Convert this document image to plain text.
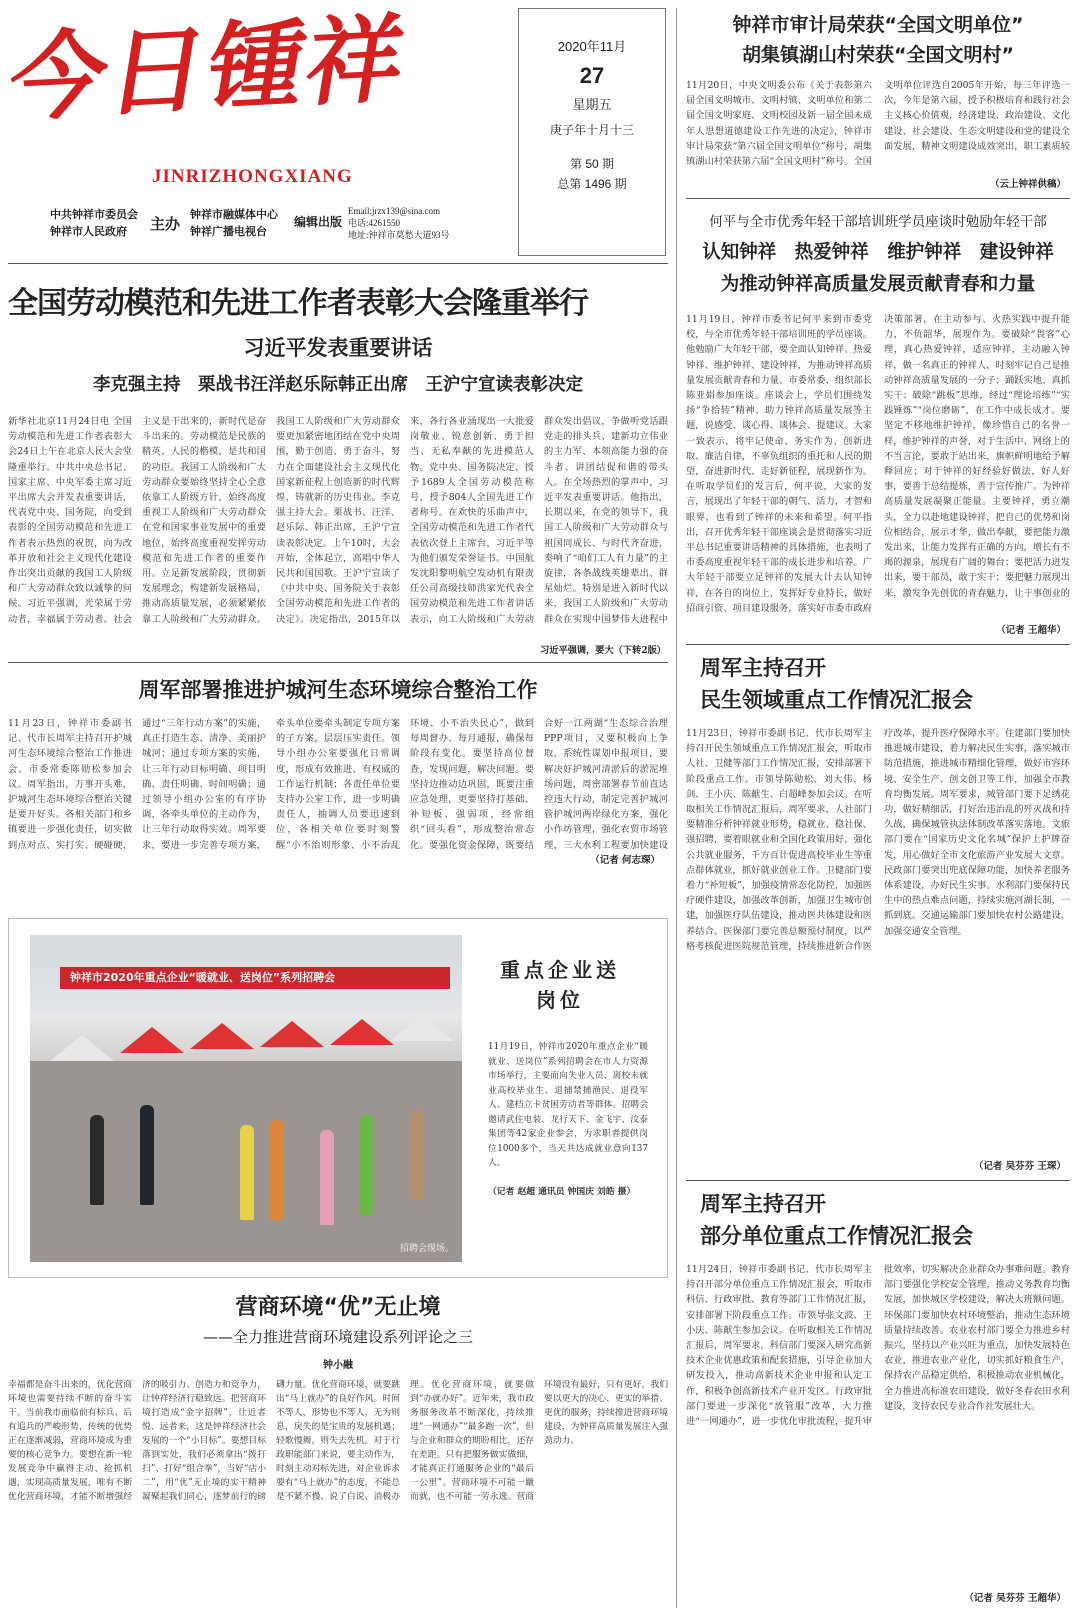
今日锺祥
JINRIZHONGXIANG
中共钟祥市委员会
钟祥市人民政府	主办
钟祥市融媒体中心
钟祥广播电视台
编辑出版
Email:jrzx139@sina.com
电话:4261550
地址:钟祥市莫愁大道93号
2020年11月
27
星期五
庚子年十月十三
第 50 期
总第 1496 期
全国劳动模范和先进工作者表彰大会隆重举行
习近平发表重要讲话
李克强主持　栗战书汪洋赵乐际韩正出席　王沪宁宣读表彰决定
新华社北京11月24日电 全国劳动模范和先进工作者表彰大会24日上午在北京人民大会堂隆重举行。中共中央总书记、国家主席、中央军委主席习近平出席大会并发表重要讲话，代表党中央、国务院，向受到表彰的全国劳动模范和先进工作者表示热烈的祝贺，向为改革开放和社会主义现代化建设作出突出贡献的我国工人阶级和广大劳动群众致以诚挚的问候。习近平强调，光荣属于劳动者，幸福属于劳动者。社会主义是干出来的，新时代是奋斗出来的。劳动模范是民族的精英、人民的楷模，是共和国的功臣。我国工人阶级和广大劳动群众要始终坚持全心全意依靠工人阶级方针，始终高度重视工人阶级和广大劳动群众在党和国家事业发展中的重要地位，始终高度重视发挥劳动模范和先进工作者的重要作用。立足新发展阶段，贯彻新发展理念，构建新发展格局，推动高质量发展，必须紧紧依靠工人阶级和广大劳动群众。我国工人阶级和广大劳动群众要更加紧密地团结在党中央周围，勤于创造、勇于奋斗，努力在全面建设社会主义现代化国家新征程上创造新的时代辉煌，铸就新的历史伟业。李克强主持大会。栗战书、汪洋、赵乐际、韩正出席，王沪宁宣读表彰决定。上午10时，大会开始，全体起立，高唱中华人民共和国国歌。王沪宁宣读了《中共中央、国务院关于表彰全国劳动模范和先进工作者的决定》。决定指出，2015年以来，各行各业涌现出一大批爱岗敬业、锐意创新、勇于担当、无私奉献的先进模范人物。党中央、国务院决定，授予1689人全国劳动模范称号，授予804人全国先进工作者称号。在欢快的乐曲声中，全国劳动模范和先进工作者代表依次登上主席台，习近平等为他们颁发荣誉证书。中国航发沈阳黎明航空发动机有限责任公司高级技师洪家光代表全国劳动模范和先进工作者讲话表示，向工人阶级和广大劳动群众发出倡议，争做听党话跟党走的排头兵、建新功立伟业的主力军、本领高能力强的奋斗者、讲团结促和谐的带头人。在全场热烈的掌声中，习近平发表重要讲话。他指出，长期以来，在党的领导下，我国工人阶级和广大劳动群众与祖国同成长、与时代齐奋进，奏响了“咱们工人有力量”的主旋律，各条战线英雄辈出、群星灿烂。特别是进入新时代以来，我国工人阶级和广大劳动群众在实现中国梦伟大进程中
习近平强调，要大（下转2版）
周军部署推进护城河生态环境综合整治工作
11月23日，钟祥市委副书记、代市长周军主持召开护城河生态环境综合整治工作推进会。市委常委陈勋松参加会议。周军指出，万事开头难，护城河生态环境综合整治关键是要开好头。各相关部门和乡镇要进一步强化责任，切实做到点对点、实打实、硬碰硬，通过“三年行动方案”的实施，真正打造生态、清净、美丽护城河；通过专项方案的实施，让三年行动目标明确、项目明确、责任明确、时间明确；通过领导小组办公室的有序协调，各牵头单位的主动作为，让三年行动取得实效。周军要求，要进一步完善专项方案，牵头单位要牵头制定专项方案的子方案，层层压实责任。领导小组办公室要强化日常调度，形成有效推进、有权威的工作运行机制；各责任单位要支持办公室工作，进一步明确责任人，抽调人员要迅速到位，各相关单位要时刻警醒“小不治则形象、小不治乱环境、小不治失民心”，做到每周督办、每月通报，确保每阶段有变化。要坚持高位督查，发现问题，解决问题。要坚持边推动边巩固，既要注重应急处理，更要坚持打基础、补短板、强弱项，经常组织“回头看”，形成整治常态化。要强化资金保障，既要结合好一江两湖“生态综合治理PPP项目，又要积极向上争取，系统性谋划申报项目，要解决好护城河清淤后的淤泥堆场问题，周密部署春节前直达控违大行动，制定完善护城河管护城河两岸绿化方案，强化小作坊管理，强化农贸市场管理，三大水利工程要加快建设
（记者 何志琛）
钟祥市2020年重点企业“暖就业、送岗位”系列招聘会
招聘会现场。
重点企业送岗位
11月19日，钟祥市2020年重点企业“暖就业、送岗位”系列招聘会在市人力资源市场举行，主要面向失业人员、离校未就业高校毕业生、退捕禁捕渔民、退役军人、建档立卡贫困劳动者等群体。招聘会邀请武住电装、龙行天下、金飞宇、汶泰集团等42家企业参会，为求职者提供岗位1000多个，当天共达成就业意向137人。
（记者 赵超 通讯员 钟国庆 刘皓 摄）
营商环境“优”无止境
——全力推进营商环境建设系列评论之三
钟小融
幸福都是奋斗出来的，优化营商环境也需要持续不断的奋斗实干。当前我市面临前有标兵、后有追兵的严峻形势，传统的优势正在逐渐减弱，营商环境成为重要的核心竞争力。要想在新一轮发展竞争中赢得主动、抢抓机遇，实现高质量发展，唯有不断优化营商环境，才能不断增强经济的吸引力、创造力和竞争力，让钟祥经济行稳致远。把营商环境打造成“金字招牌”，让近者悦、远者来，这是钟祥经济社会发展的一个“小目标”。要想目标落到实处，我们必须拿出“拨打扫”、打好“组合拳”，当好“店小二”，用“优”无止境的实干精神凝聚起我们同心，逐梦前行的磅礴力量。优化营商环境，就要跳出“马上就办”的良好作风。时间不等人，形势也不等人，无为则息，戾失的是宝贵的发展机遇；轻歌慢舞，则失去先机。对于行政职能部门来说，要主动作为，时刻主动对标先进，对企业诉求要有“马上就办”的态度，不能总是不紧不慢、说了白说、消极办理。优化营商环境，就要做到“办就办好”。近年来，我市政务服务改革不断深化，持续推进“一网通办”“最多跑一次”，但与企业和群众的期盼相比，还存在差距。只有把服务做实做细，才能真正打通服务企业的“最后一公里”。营商环境不可能一蹴而就，也不可能一劳永逸。营商环境没有最好，只有更好，我们要以更大的决心、更实的举措、更优的服务，持续推进营商环境建设，为钟祥高质量发展注入强劲动力。
钟祥市审计局荣获“全国文明单位”
胡集镇湖山村荣获“全国文明村”
11月20日，中央文明委公布《关于表彰第六届全国文明城市、文明村镇、文明单位和第二届全国文明家庭、文明校园及新一届全国未成年人思想道德建设工作先进的决定》，钟祥市审计局荣获“第六届全国文明单位”称号，胡集镇湖山村荣获第六届“全国文明村”称号。全国文明单位评选自2005年开始，每三年评选一次，今年是第六届，授予积极培育和践行社会主义核心价值观，经济建设、政治建设、文化建设、社会建设、生态文明建设和党的建设全面发展，精神文明建设成效突出，职工素质较
（云上钟祥供稿）
何平与全市优秀年轻干部培训班学员座谈时勉励年轻干部
认知钟祥　热爱钟祥　维护钟祥　建设钟祥
为推动钟祥高质量发展贡献青春和力量
11月19日，钟祥市委书记何平来到市委党校，与全市优秀年轻干部培训班的学员座谈。他勉励广大年轻干部，要全面认知钟祥、热爱钟祥、维护钟祥、建设钟祥，为推动钟祥高质量发展贡献青春和力量。市委常委、组织部长陈亚娟参加座谈。座谈会上，学员们围绕发扬“争拾转”精神、助力钟祥高质量发展等主题，说感受、谈心得、谈体会、提建议。大家一致表示，将牢记使命、务实作为、创新进取、廉洁自律，不辜负组织的重托和人民的期望，奋进新时代、走好新征程，展现新作为。在听取学员们的发言后，何平说，大家的发言，展现出了年轻干部的朝气、活力，才智和眼界，也看到了钟祥的未来和希望。何平指出，召开优秀年轻干部座谈会是贯彻落实习近平总书记重要讲话精神的具体措施，也表明了市委高度重视年轻干部的成长进步和培养。广大年轻干部要立足钟祥的发展大计去认知钟祥，在各自的岗位上，发挥好专业特长，做好招商引资、项目建设服务，落实好市委市政府决策部署，在主动参与、火热实践中提升能力，不负韶华，展现作为。要破除“畏客”心理，真心热爱钟祥，适应钟祥，主动融入钟祥，做一名真正的钟祥人，时刻牢记自己是推动钟祥高质量发展的一分子；踊跃实地、真抓实干；破除“跳板”思维，经过“理论培练”“实践锤炼”“岗位磨砺”，在工作中成长成才。要坚定不移地维护钟祥，像珍惜自己的名誉一样，维护钟祥的声誉，对于生活中、网络上的不当言论，要敢于站出来，旗帜鲜明地给予解释回应；对于钟祥的好经验好做法，好人好事，要善于总结提炼，善于宣传推广。为钟祥高质量发展凝聚正能量。主要钟祥，勇立潮头，全力以赴地建设钟祥，把自己的优势和岗位相结合，展示才华，做出奉献，要把能力激发出来，让能力发挥有正确的方向，增长有不竭的源泉，展现有广阔的舞台；要把活力迸发出来，要干部员，敢于实干；要把魅力展现出来，激发争先创优的青春魅力，让干事创业的
（记者 王超华）
周军主持召开
民生领域重点工作情况汇报会
11月23日，钟祥市委副书记、代市长周军主持召开民生领域重点工作情况汇报会，听取市人社、卫健等部门工作情况汇报，安排部署下阶段重点工作。市领导陈勋松、刘大伟、杨剑、王小庆、陈献生、白超峰参加会议。在听取相关工作情况汇报后，周军要求，人社部门要精准分析钟祥就业形势，稳就业、稳社保、强招聘，要着眼就业和全国化政策用好，强化公共就业服务，千方百计促进高校毕业生等重点群体就业，抓好就业创业工作。卫健部门要着力“补短板”，加强疫情常态化防控，加强医疗硬件建设，加强改革创新，加强卫生城市创建，加强医疗队伍建设，推动医共体建设和医养结合。医保部门要完善总额预付制度，以严格考核促进医院规范管理，持续推进新合作医疗改革，提升医疗保障水平。住建部门要加快推进城市建设，着力解决民生实事，落实城市防范措施，推进城市精细化管理，做好市容环境、安全生产、创文创卫等工作，加强全市教育均衡发展。周军要求，城管部门要下足绣花功，做好精细活，打好治违治乱的歼灭战和持久战，确保城管执法体制改革落实落地。文旅部门要在“国家历史文化名城”保护上护牌奋发，用心做好全市文化旅游产业发展大文章。民政部门要突出兜底保障功能，加快养老服务体系建设，办好民生实事。水利部门要保持民生中的热点难点问题，持续实施河湖长制，一抓到底。交通运输部门要加快农村公路建设，加强交通安全管理。
（记者 吴芬芬 王琛）
周军主持召开
部分单位重点工作情况汇报会
11月24日，钟祥市委副书记、代市长周军主持召开部分单位重点工作情况汇报会，听取市科信、行政审批、教育等部门工作情况汇报，安排部署下阶段重点工作。市领导张文波、王小庆、陈献生参加会议。在听取相关工作情况汇报后，周军要求，科信部门要深入研究高新技术企业优惠政策和配套措施，引导企业加大研发投入，推动高新技术企业申报和认定工作，积极争创高新技术产业开发区。行政审批部门要进一步深化“放管服”改革，大力推进“一网通办”，进一步优化审批流程，提升审批效率，切实解决企业群众办事难问题。教育部门要强化学校安全管理，推动义务教育均衡发展，加快城区学校建设，解决大班额问题。环保部门要加快农村环境整治，推动生态环境质量持续改善。农业农村部门要全力推进乡村振兴，坚持以产业兴旺为重点，加快发展特色农业，推进农业产业化，切实抓好粮食生产，保持农产品稳定供给，积极推动农业机械化，全力推进高标准农田建设，做好冬春农田水利建设，支持农民专业合作社发展壮大。
（记者 吴芬芬 王超华）
